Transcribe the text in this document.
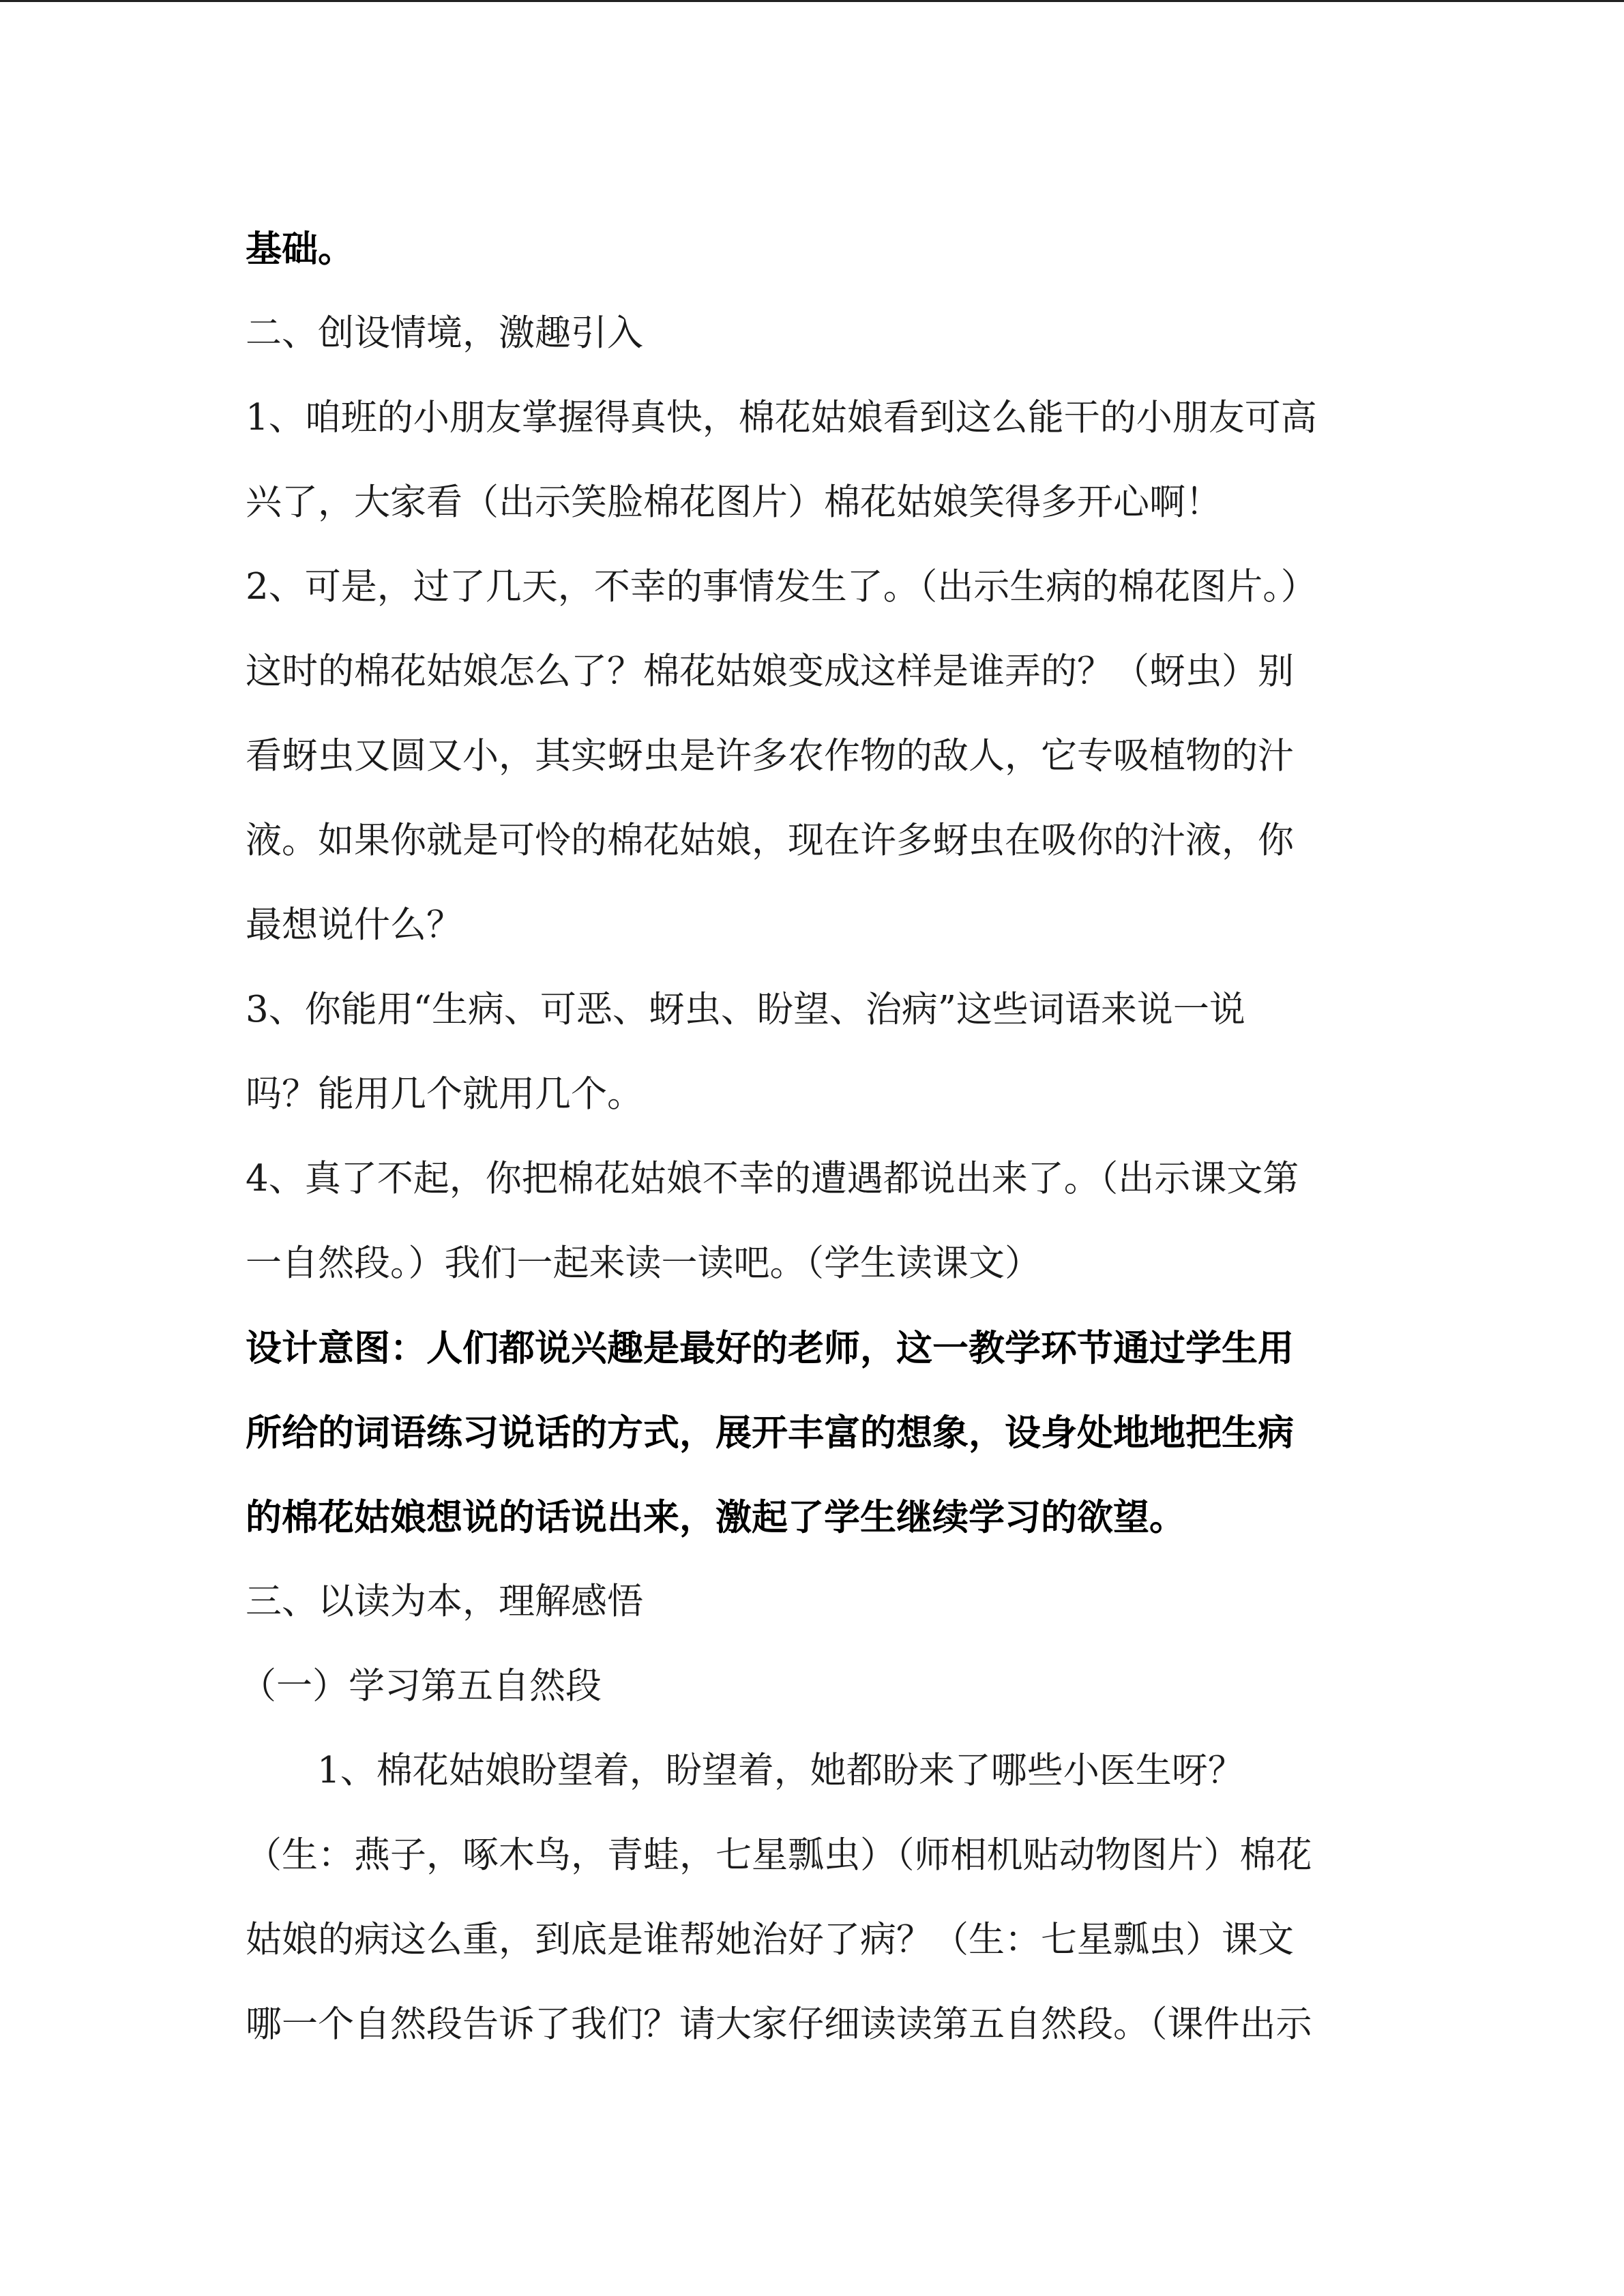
基础。
二、创设情境，激趣引入
1、咱班的小朋友掌握得真快，棉花姑娘看到这么能干的小朋友可高
兴了，大家看（出示笑脸棉花图片）棉花姑娘笑得多开心啊！
2、可是，过了几天，不幸的事情发生了。（出示生病的棉花图片。）
这时的棉花姑娘怎么了？棉花姑娘变成这样是谁弄的？（蚜虫）别
看蚜虫又圆又小，其实蚜虫是许多农作物的敌人，它专吸植物的汁
液。如果你就是可怜的棉花姑娘，现在许多蚜虫在吸你的汁液，你
最想说什么？
3、你能用“生病、可恶、蚜虫、盼望、治病”这些词语来说一说
吗？能用几个就用几个。
4、真了不起，你把棉花姑娘不幸的遭遇都说出来了。（出示课文第
一自然段。）我们一起来读一读吧。（学生读课文）
设计意图：人们都说兴趣是最好的老师，这一教学环节通过学生用
所给的词语练习说话的方式，展开丰富的想象，设身处地地把生病
的棉花姑娘想说的话说出来，激起了学生继续学习的欲望。
三、以读为本，理解感悟
（一）学习第五自然段
1、棉花姑娘盼望着，盼望着，她都盼来了哪些小医生呀？
（生：燕子，啄木鸟，青蛙，七星瓢虫）（师相机贴动物图片）棉花
姑娘的病这么重，到底是谁帮她治好了病？（生：七星瓢虫）课文
哪一个自然段告诉了我们？请大家仔细读读第五自然段。（课件出示
